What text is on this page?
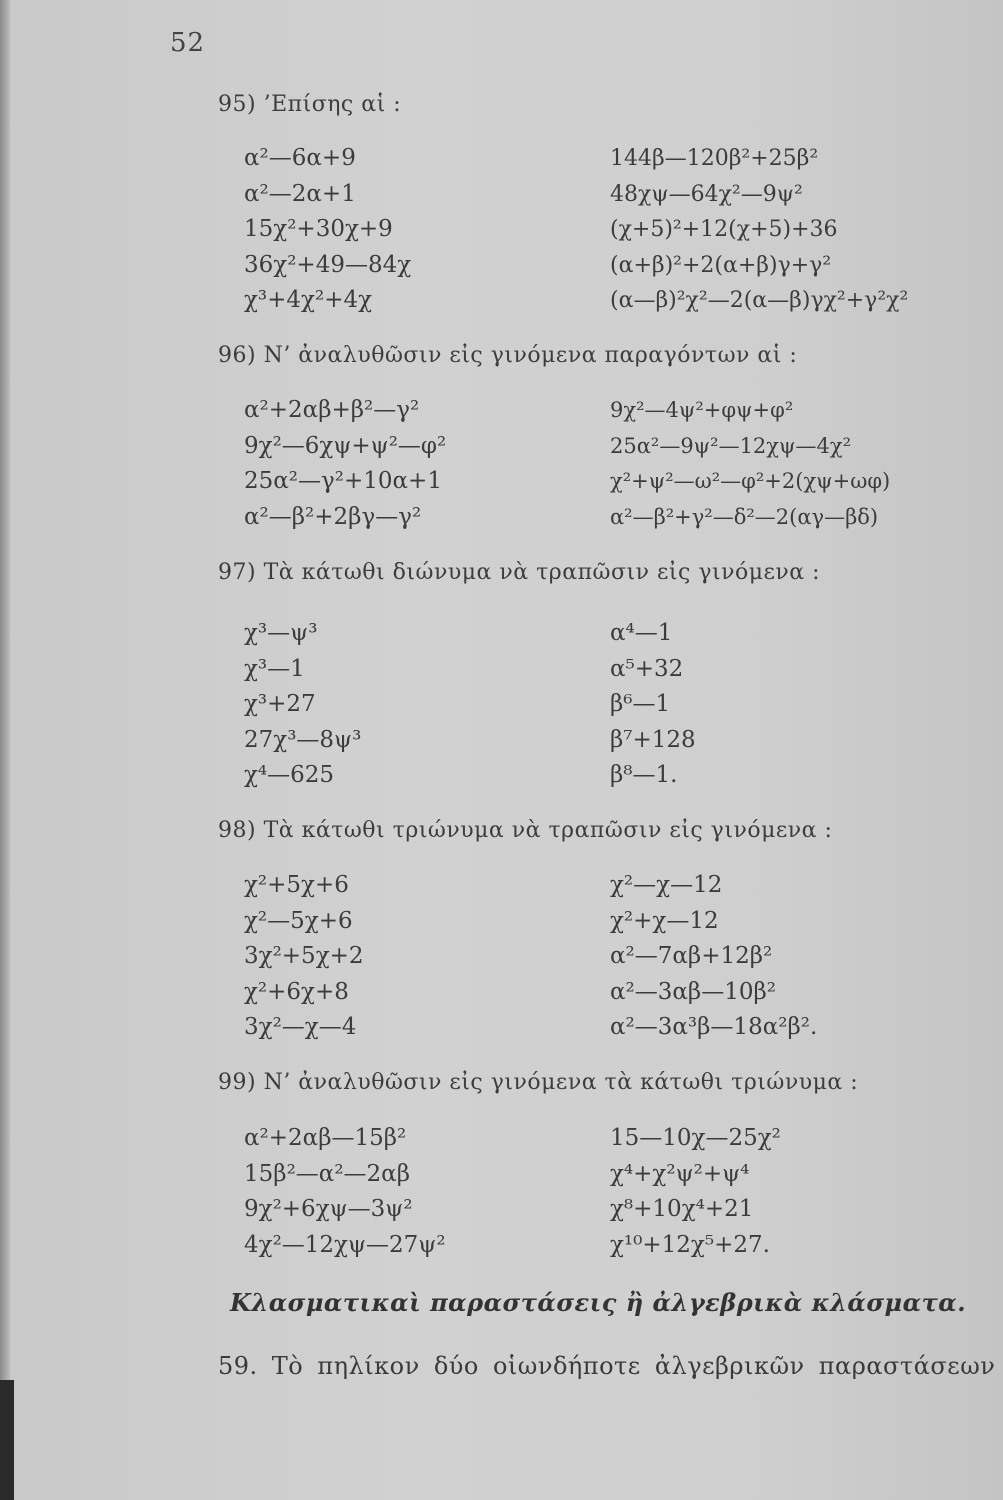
52
95) ’Επίσης αἱ :
α²—6α+9
α²—2α+1
15χ²+30χ+9
36χ²+49—84χ
χ³+4χ²+4χ
144β—120β²+25β²
48χψ—64χ²—9ψ²
(χ+5)²+12(χ+5)+36
(α+β)²+2(α+β)γ+γ²
(α—β)²χ²—2(α—β)γχ²+γ²χ²
96) Ν’ ἀναλυθῶσιν εἰς γινόμενα παραγόντων αἱ :
α²+2αβ+β²—γ²
9χ²—6χψ+ψ²—φ²
25α²—γ²+10α+1
α²—β²+2βγ—γ²
9χ²—4ψ²+φψ+φ²
25α²—9ψ²—12χψ—4χ²
χ²+ψ²—ω²—φ²+2(χψ+ωφ)
α²—β²+γ²—δ²—2(αγ—βδ)
97) Τὰ κάτωθι διώνυμα νὰ τραπῶσιν εἰς γινόμενα :
χ³—ψ³
χ³—1
χ³+27
27χ³—8ψ³
χ⁴—625
α⁴—1
α⁵+32
β⁶—1
β⁷+128
β⁸—1.
98) Τὰ κάτωθι τριώνυμα νὰ τραπῶσιν εἰς γινόμενα :
χ²+5χ+6
χ²—5χ+6
3χ²+5χ+2
χ²+6χ+8
3χ²—χ—4
χ²—χ—12
χ²+χ—12
α²—7αβ+12β²
α²—3αβ—10β²
α²—3α³β—18α²β².
99) Ν’ ἀναλυθῶσιν εἰς γινόμενα τὰ κάτωθι τριώνυμα :
α²+2αβ—15β²
15β²—α²—2αβ
9χ²+6χψ—3ψ²
4χ²—12χψ—27ψ²
15—10χ—25χ²
χ⁴+χ²ψ²+ψ⁴
χ⁸+10χ⁴+21
χ¹⁰+12χ⁵+27.
Κλασματικαὶ παραστάσεις ἢ ἀλγεβρικὰ κλάσματα.
59. Τὸ πηλίκον δύο οἱωνδήποτε ἀλγεβρικῶν παραστάσεων
